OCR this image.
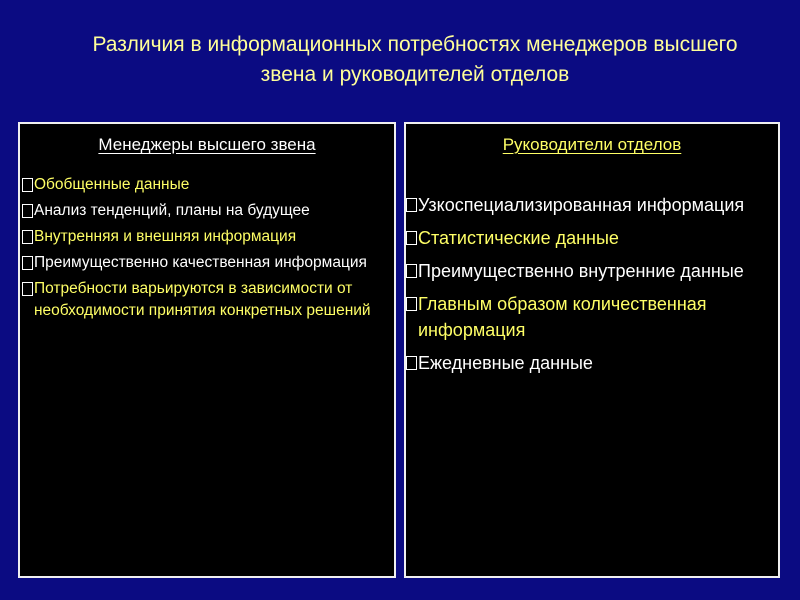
Различия в информационных потребностях менеджеров высшего
звена и руководителей отделов
Менеджеры высшего звена
Обобщенные данные
Анализ тенденций, планы на будущее
Внутренняя и внешняя информация
Преимущественно качественная информация
Потребности варьируются в зависимости от необходимости принятия конкретных решений
Руководители отделов
Узкоспециализированная информация
Статистические данные
Преимущественно внутренние данные
Главным образом количественная информация
Ежедневные данные
